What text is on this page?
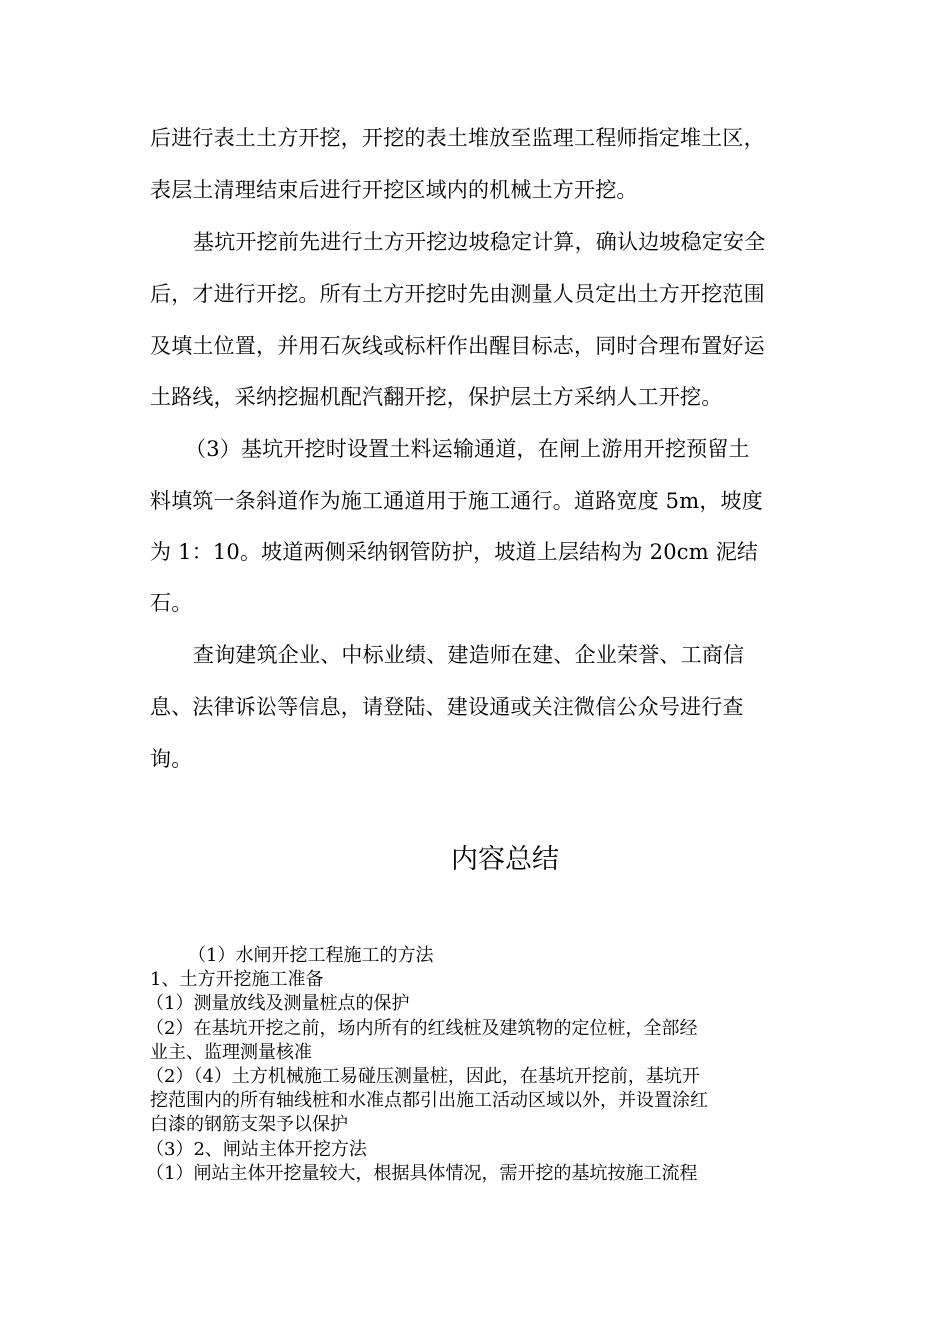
后进行表土土方开挖，开挖的表土堆放至监理工程师指定堆土区，
表层土清理结束后进行开挖区域内的机械土方开挖。
基坑开挖前先进行土方开挖边坡稳定计算，确认边坡稳定安全
后，才进行开挖。所有土方开挖时先由测量人员定出土方开挖范围
及填土位置，并用石灰线或标杆作出醒目标志，同时合理布置好运
土路线，采纳挖掘机配汽翻开挖，保护层土方采纳人工开挖。
（3）基坑开挖时设置土料运输通道，在闸上游用开挖预留土
料填筑一条斜道作为施工通道用于施工通行。道路宽度 5m，坡度
为 1：10。坡道两侧采纳钢管防护，坡道上层结构为 20cm 泥结
石。
查询建筑企业、中标业绩、建造师在建、企业荣誉、工商信
息、法律诉讼等信息，请登陆、建设通或关注微信公众号进行查
询。
内容总结
（1）水闸开挖工程施工的方法
1、土方开挖施工准备
（1）测量放线及测量桩点的保护
（2）在基坑开挖之前，场内所有的红线桩及建筑物的定位桩，全部经
业主、监理测量核准
（2）（4）土方机械施工易碰压测量桩，因此，在基坑开挖前，基坑开
挖范围内的所有轴线桩和水准点都引出施工活动区域以外，并设置涂红
白漆的钢筋支架予以保护
（3）2、闸站主体开挖方法
（1）闸站主体开挖量较大，根据具体情况，需开挖的基坑按施工流程
